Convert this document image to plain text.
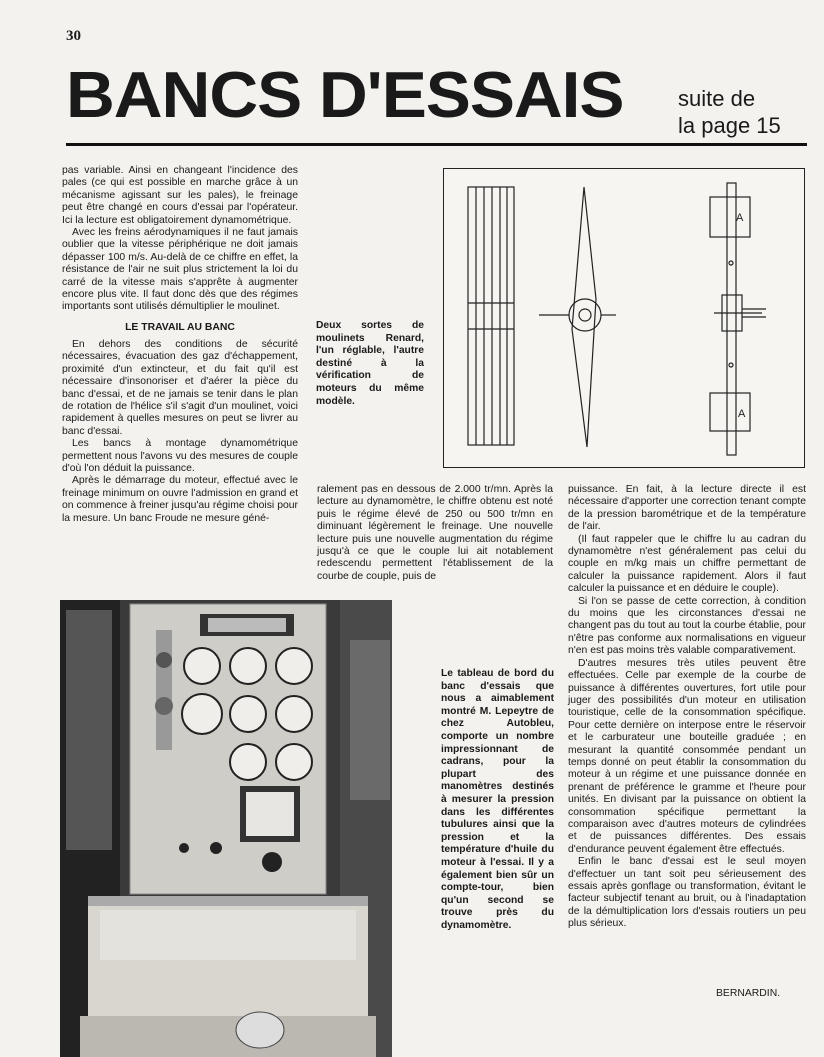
30
BANCS D'ESSAIS suite de
la page 15

pas variable. Ainsi en changeant l'incidence des pales (ce qui est possible en marche grâce à un mécanisme agissant sur les pales), le freinage peut être changé en cours d'essai par l'opérateur. Ici la lecture est obligatoirement dynamométrique.

Avec les freins aérodynamiques il ne faut jamais oublier que la vitesse périphérique ne doit jamais dépasser 100 m/s. Au-delà de ce chiffre en effet, la résistance de l'air ne suit plus strictement la loi du carré de la vitesse mais s'apprête à augmenter encore plus vite. Il faut donc dès que des régimes importants sont utilisés démultiplier le moulinet.

LE TRAVAIL AU BANC

En dehors des conditions de sécurité nécessaires, évacuation des gaz d'échappement, proximité d'un extincteur, et du fait qu'il est nécessaire d'insonoriser et d'aérer la pièce du banc d'essai, et de ne jamais se tenir dans le plan de rotation de l'hélice s'il s'agit d'un moulinet, voici rapidement à quelles mesures on peut se livrer au banc d'essai.

Les bancs à montage dynamométrique permettent nous l'avons vu des mesures de couple d'où l'on déduit la puissance.

Après le démarrage du moteur, effectué avec le freinage minimum on ouvre l'admission en grand et on commence à freiner jusqu'au régime choisi pour la mesure. Un banc Froude ne mesure géné-

Deux sortes de moulinets Renard, l'un réglable, l'autre destiné à la vérification de moteurs du même modèle.
A
A

ralement pas en dessous de 2.000 tr/mn. Après la lecture au dynamomètre, le chiffre obtenu est noté puis le régime élevé de 250 ou 500 tr/mn en diminuant légèrement le freinage. Une nouvelle lecture puis une nouvelle augmentation du régime jusqu'à ce que le couple lui ait notablement redescendu permettent l'établissement de la courbe de couple, puis de

Le tableau de bord du banc d'essais que nous a aimablement montré M. Lepeytre de chez Autobleu, comporte un nombre impressionnant de cadrans, pour la plupart des manomètres destinés à mesurer la pression dans les différentes tubulures ainsi que la pression et la température d'huile du moteur à l'essai. Il y a également bien sûr un compte-tour, bien qu'un second se trouve près du dynamomètre.

puissance. En fait, à la lecture directe il est nécessaire d'apporter une correction tenant compte de la pression barométrique et de la température de l'air.

(Il faut rappeler que le chiffre lu au cadran du dynamomètre n'est généralement pas celui du couple en m/kg mais un chiffre permettant de calculer la puissance rapidement. Alors il faut calculer la puissance et en déduire le couple).

Si l'on se passe de cette correction, à condition du moins que les circonstances d'essai ne changent pas du tout au tout la courbe établie, pour n'être pas conforme aux normalisations en vigueur n'en est pas moins très valable comparativement.

D'autres mesures très utiles peuvent être effectuées. Celle par exemple de la courbe de puissance à différentes ouvertures, fort utile pour juger des possibilités d'un moteur en utilisation touristique, celle de la consommation spécifique. Pour cette dernière on interpose entre le réservoir et le carburateur une bouteille graduée ; en mesurant la quantité consommée pendant un temps donné on peut établir la consommation du moteur à un régime et une puissance donnée en prenant de préférence le gramme et l'heure pour unités. En divisant par la puissance on obtient la consommation spécifique permettant la comparaison avec d'autres moteurs de cylindrées et de puissances différentes. Des essais d'endurance peuvent également être effectués.

Enfin le banc d'essai est le seul moyen d'effectuer un tant soit peu sérieusement des essais après gonflage ou transformation, évitant le facteur subjectif tenant au bruit, ou à l'inadaptation de la démultiplication lors d'essais routiers un peu plus sérieux.

BERNARDIN.
